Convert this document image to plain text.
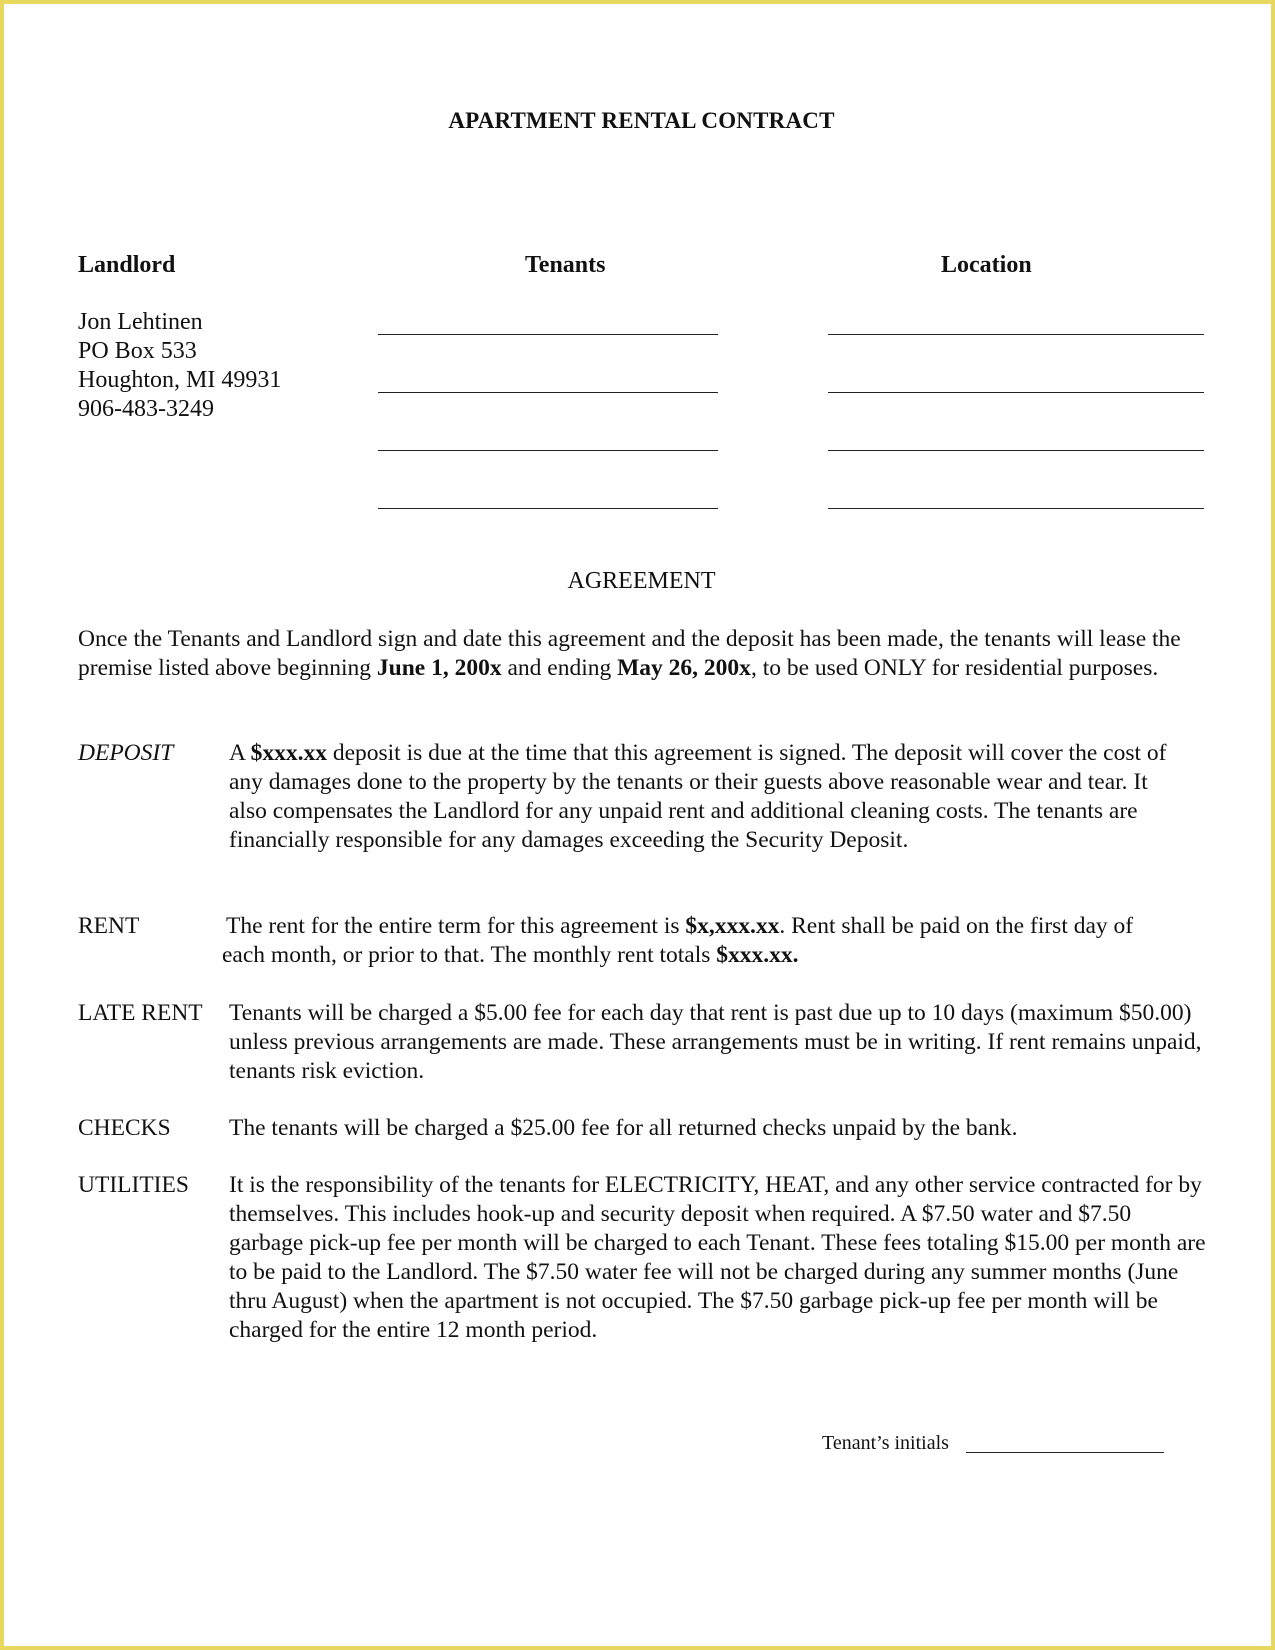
APARTMENT RENTAL CONTRACT
Landlord	Tenants	Location
Jon Lehtinen
PO Box 533
Houghton, MI 49931
906-483-3249
AGREEMENT
Once the Tenants and Landlord sign and date this agreement and the deposit has been made, the tenants will lease the premise listed above beginning June 1, 200x and ending May 26, 200x, to be used ONLY for residential purposes.
DEPOSIT A $xxx.xx deposit is due at the time that this agreement is signed. The deposit will cover the cost of any damages done to the property by the tenants or their guests above reasonable wear and tear. It also compensates the Landlord for any unpaid rent and additional cleaning costs. The tenants are financially responsible for any damages exceeding the Security Deposit.
RENT	The rent for the entire term for this agreement is $x,xxx.xx. Rent shall be paid on the first day of each month, or prior to that. The monthly rent totals $xxx.xx.
LATE RENT Tenants will be charged a $5.00 fee for each day that rent is past due up to 10 days (maximum $50.00) unless previous arrangements are made. These arrangements must be in writing. If rent remains unpaid, tenants risk eviction.
CHECKS The tenants will be charged a $25.00 fee for all returned checks unpaid by the bank.
UTILITIES It is the responsibility of the tenants for ELECTRICITY, HEAT, and any other service contracted for by themselves. This includes hook-up and security deposit when required. A $7.50 water and $7.50 garbage pick-up fee per month will be charged to each Tenant. These fees totaling $15.00 per month are to be paid to the Landlord. The $7.50 water fee will not be charged during any summer months (June thru August) when the apartment is not occupied. The $7.50 garbage pick-up fee per month will be charged for the entire 12 month period.
Tenant’s initials
